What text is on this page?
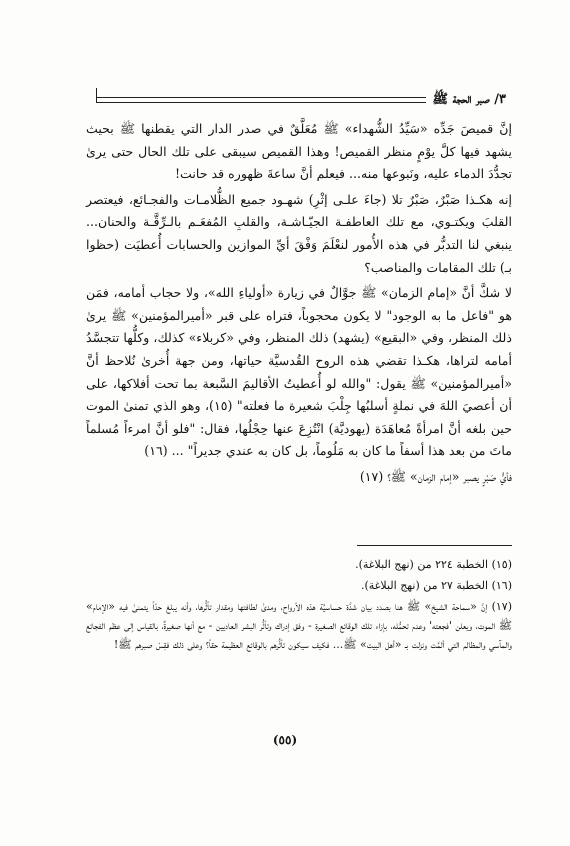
٣/ صبر الحجة ﷺ

إنَّ قميصَ جَدِّه «سَيِّدُ الشُّهداء» ﷺ مُعَلَّقٌ في صدر الدار التي يقطنها ﷺ بحيث يشهد فيها كلَّ يوْمٍ منظر القميص! وهذا القميص سيبقى على تلك الحال حتى يرىٰ تجدُّدَ الدماء عليه، ونَبوعها منه... فيعلم أنَّ ساعةَ ظهوره قد حانت!

إنه هكـذا صَبْرٌ، صَبْرٌ تلا (جاءَ علـى إثْرِ) شهـود جميع الظُّلامـات والفجـائع، فيعتصر القلبَ ويكتـوي، مع تلك العاطفـة الجيّـاشـة، والقلبِ المُفعَـم بالـرِّقَّـة والحنان... ينبغي لنا التدبُّر في هذه الأُمور لنعْلَمَ وَفْقَ أيِّ الموازين والحسابات أُعطيَت (حظوا بـ) تلك المقامات والمناصب؟

لا شكَّ أنَّ «إمام الزمان» ﷺ جوَّالٌ في زيارة «أولياءِ الله»، ولا حجاب أمامه، فمَن هو "فاعل ما به الوجود" لا يكون محجوباً، فتراه على قبر «أميرالمؤمنين» ﷺ يرىٰ ذلك المنظر، وفي «البقيع» (يشهد) ذلك المنظر، وفي «كربلاء» كذلك، وكلُّها تتجسَّدُ أمامه لتراها، هكـذا تقضي هذه الروح القُدسيَّة حياتها، ومن جهة أُخرىٰ نُلاحظ أنَّ «أميرالمؤمنين» ﷺ يقول: "والله لو أُعطيتُ الأقاليمَ السَّبعة بما تحت أفلاكها، على أن أعصيَ اللهَ في نملةٍ أسلبُها جِلْبَ شعيرة ما فعلته" (١٥)، وهو الذي تمنىٰ الموت حين بلغه أنَّ امرأةً مُعاهَدَة (يهوديَّة) انْتُزِعَ عنها حِجْلُها، فقال: "فلو أنَّ امرءاً مُسلماً ماتَ من بعد هذا أسفاً ما كان به مَلُوماً، بل كان به عندي جديراً" ... (١٦)

فأيُّ صَبْرٍ يصبر «إمام الزمان» ﷺ؟ (١٧)

(١٥) الخطبة ٢٢٤ من (نهج البلاغة).

(١٦) الخطبة ٢٧ من (نهج البلاغة).

(١٧) إنَّ «سماحة الشيخ» ﷺ هنا بصدد بيان شدَّة حساسيَّة هذه الأرواح، ومدىٰ لطافتها ومقدار تأثُّرها، وأنه يبلغ حدّاً يتمنىٰ فيه «الإمام» ﷺ الموت، ويعلن 'فجعته' وعدم تحمُّله، بإزاء تلك الوقائع الصغيرة - وفق إدراك وتأثُّر البشر العاديين - مع أنها صغيرةٌ، بالقياس إلى عظم الفجائع والمآسي والمظالم التي ألمَّت ونزلت بـ «أهل البيت» ﷺ... فكيف سيكون تأثُّرهم بالوقائع العظيمة حقاً؟ وعلى ذلك فقِسْ صبرهم ﷺ!

(٥٥)
